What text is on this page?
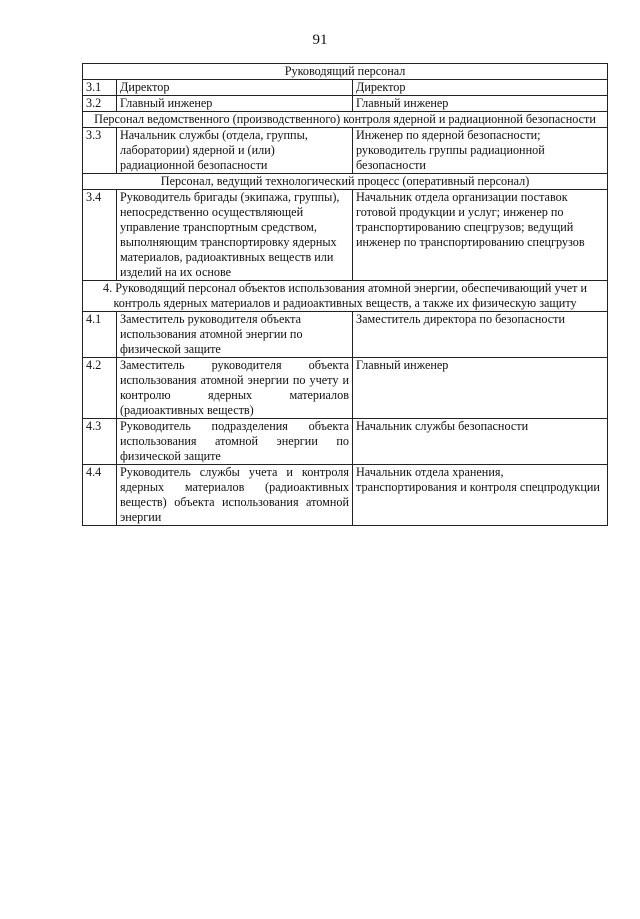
91
Руководящий персонал		
3.1	Директор	Директор
3.2	Главный инженер	Главный инженер
Персонал ведомственного (производственного) контроля ядерной и радиационной безопасности		
3.3	Начальник службы (отдела, группы, лаборатории) ядерной и (или) радиационной безопасности	Инженер по ядерной безопасности; руководитель группы радиационной безопасности
Персонал, ведущий технологический процесс (оперативный персонал)		
3.4	Руководитель бригады (экипажа, группы), непосредственно осуществляющей управление транспортным средством, выполняющим транспортировку ядерных материалов, радиоактивных веществ или изделий на их основе	Начальник отдела организации поставок готовой продукции и услуг; инженер по транспортированию спецгрузов; ведущий инженер по транспортированию спецгрузов
4. Руководящий персонал объектов использования атомной энергии, обеспечивающий учет и контроль ядерных материалов и радиоактивных веществ, а также их физическую защиту		
4.1	Заместитель руководителя объекта использования атомной энергии по физической защите	Заместитель директора по безопасности
4.2	Заместитель руководителя объекта использования атомной энергии по учету и контролю ядерных материалов (радиоактивных веществ)	Главный инженер
4.3	Руководитель подразделения объекта использования атомной энергии по физической защите	Начальник службы безопасности
4.4	Руководитель службы учета и контроля ядерных материалов (радиоактивных веществ) объекта использования атомной энергии	Начальник отдела хранения, транспортирования и контроля спецпродукции
